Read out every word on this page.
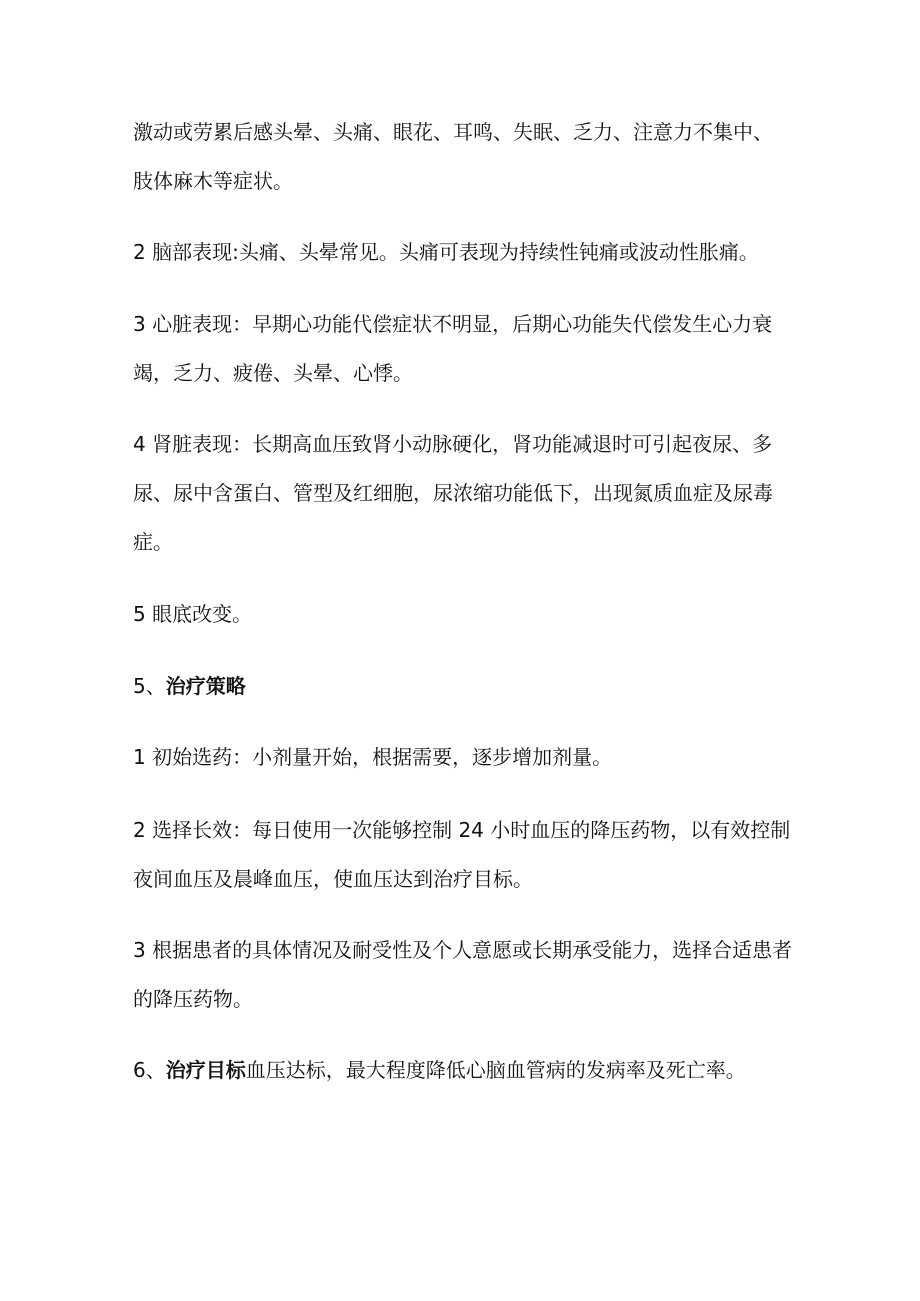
激动或劳累后感头晕、头痛、眼花、耳鸣、失眠、乏力、注意力不集中、
肢体麻木等症状。

2 脑部表现:头痛、头晕常见。头痛可表现为持续性钝痛或波动性胀痛。

3 心脏表现：早期心功能代偿症状不明显，后期心功能失代偿发生心力衰
竭，乏力、疲倦、头晕、心悸。

4 肾脏表现：长期高血压致肾小动脉硬化，肾功能减退时可引起夜尿、多
尿、尿中含蛋白、管型及红细胞，尿浓缩功能低下，出现氮质血症及尿毒
症。

5 眼底改变。

5、治疗策略

1 初始选药：小剂量开始，根据需要，逐步增加剂量。

2 选择长效：每日使用一次能够控制 24 小时血压的降压药物，以有效控制
夜间血压及晨峰血压，使血压达到治疗目标。

3 根据患者的具体情况及耐受性及个人意愿或长期承受能力，选择合适患者
的降压药物。

6、治疗目标血压达标，最大程度降低心脑血管病的发病率及死亡率。
